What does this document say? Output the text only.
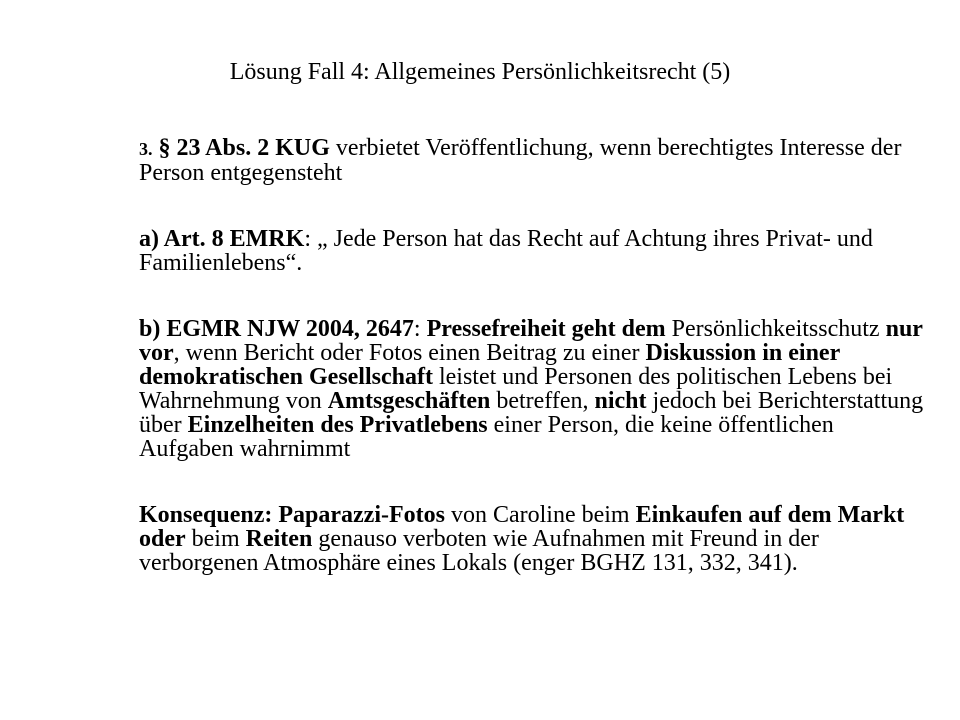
Lösung Fall 4: Allgemeines Persönlichkeitsrecht (5)

3. § 23 Abs. 2 KUG verbietet Veröffentlichung, wenn berechtigtes Interesse der Person entgegensteht

a) Art. 8 EMRK: „ Jede Person hat das Recht auf Achtung ihres Privat- und Familienlebens“.

b) EGMR NJW 2004, 2647: Pressefreiheit geht dem Persönlichkeitsschutz nur vor, wenn Bericht oder Fotos einen Beitrag zu einer Diskussion in einer demokratischen Gesellschaft leistet und Personen des politischen Lebens bei Wahrnehmung von Amtsgeschäften betreffen, nicht jedoch bei Berichterstattung über Einzelheiten des Privatlebens einer Person, die keine öffentlichen Aufgaben wahrnimmt

Konsequenz: Paparazzi-Fotos von Caroline beim Einkaufen auf dem Markt oder beim Reiten genauso verboten wie Aufnahmen mit Freund in der verborgenen Atmosphäre eines Lokals (enger BGHZ 131, 332, 341).
